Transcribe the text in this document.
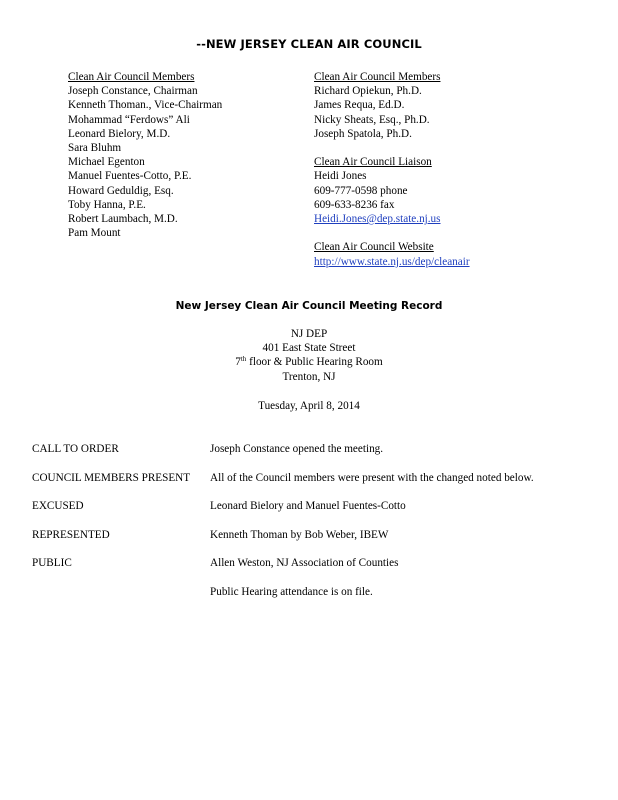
--NEW JERSEY CLEAN AIR COUNCIL
Clean Air Council Members
Joseph Constance, Chairman
Kenneth Thoman., Vice-Chairman
Mohammad “Ferdows” Ali
Leonard Bielory, M.D.
Sara Bluhm
Michael Egenton
Manuel Fuentes-Cotto, P.E.
Howard Geduldig, Esq.
Toby Hanna, P.E.
Robert Laumbach, M.D.
Pam Mount
Clean Air Council Members
Richard Opiekun, Ph.D.
James Requa, Ed.D.
Nicky Sheats, Esq., Ph.D.
Joseph Spatola, Ph.D.
Clean Air Council Liaison
Heidi Jones
609-777-0598 phone
609-633-8236 fax
Heidi.Jones@dep.state.nj.us
Clean Air Council Website
http://www.state.nj.us/dep/cleanair
New Jersey Clean Air Council Meeting Record
NJ DEP
401 East State Street
7th floor & Public Hearing Room
Trenton, NJ
Tuesday, April 8, 2014
CALL TO ORDER	Joseph Constance opened the meeting.
COUNCIL MEMBERS PRESENT	All of the Council members were present with the changed noted below.
EXCUSED	Leonard Bielory and Manuel Fuentes-Cotto
REPRESENTED	Kenneth Thoman by Bob Weber, IBEW
PUBLIC	Allen Weston, NJ Association of Counties
Public Hearing attendance is on file.
